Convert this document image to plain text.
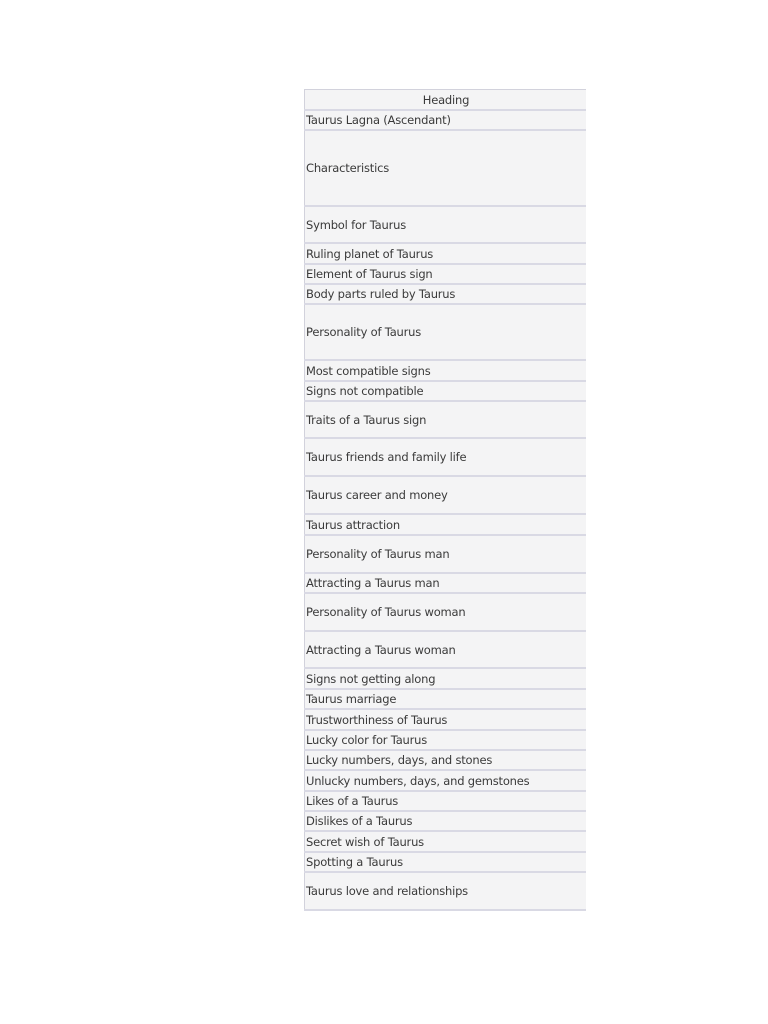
Heading
Taurus Lagna (Ascendant)
Characteristics
Symbol for Taurus
Ruling planet of Taurus
Element of Taurus sign
Body parts ruled by Taurus
Personality of Taurus
Most compatible signs
Signs not compatible
Traits of a Taurus sign
Taurus friends and family life
Taurus career and money
Taurus attraction
Personality of Taurus man
Attracting a Taurus man
Personality of Taurus woman
Attracting a Taurus woman
Signs not getting along
Taurus marriage
Trustworthiness of Taurus
Lucky color for Taurus
Lucky numbers, days, and stones
Unlucky numbers, days, and gemstones
Likes of a Taurus
Dislikes of a Taurus
Secret wish of Taurus
Spotting a Taurus
Taurus love and relationships
